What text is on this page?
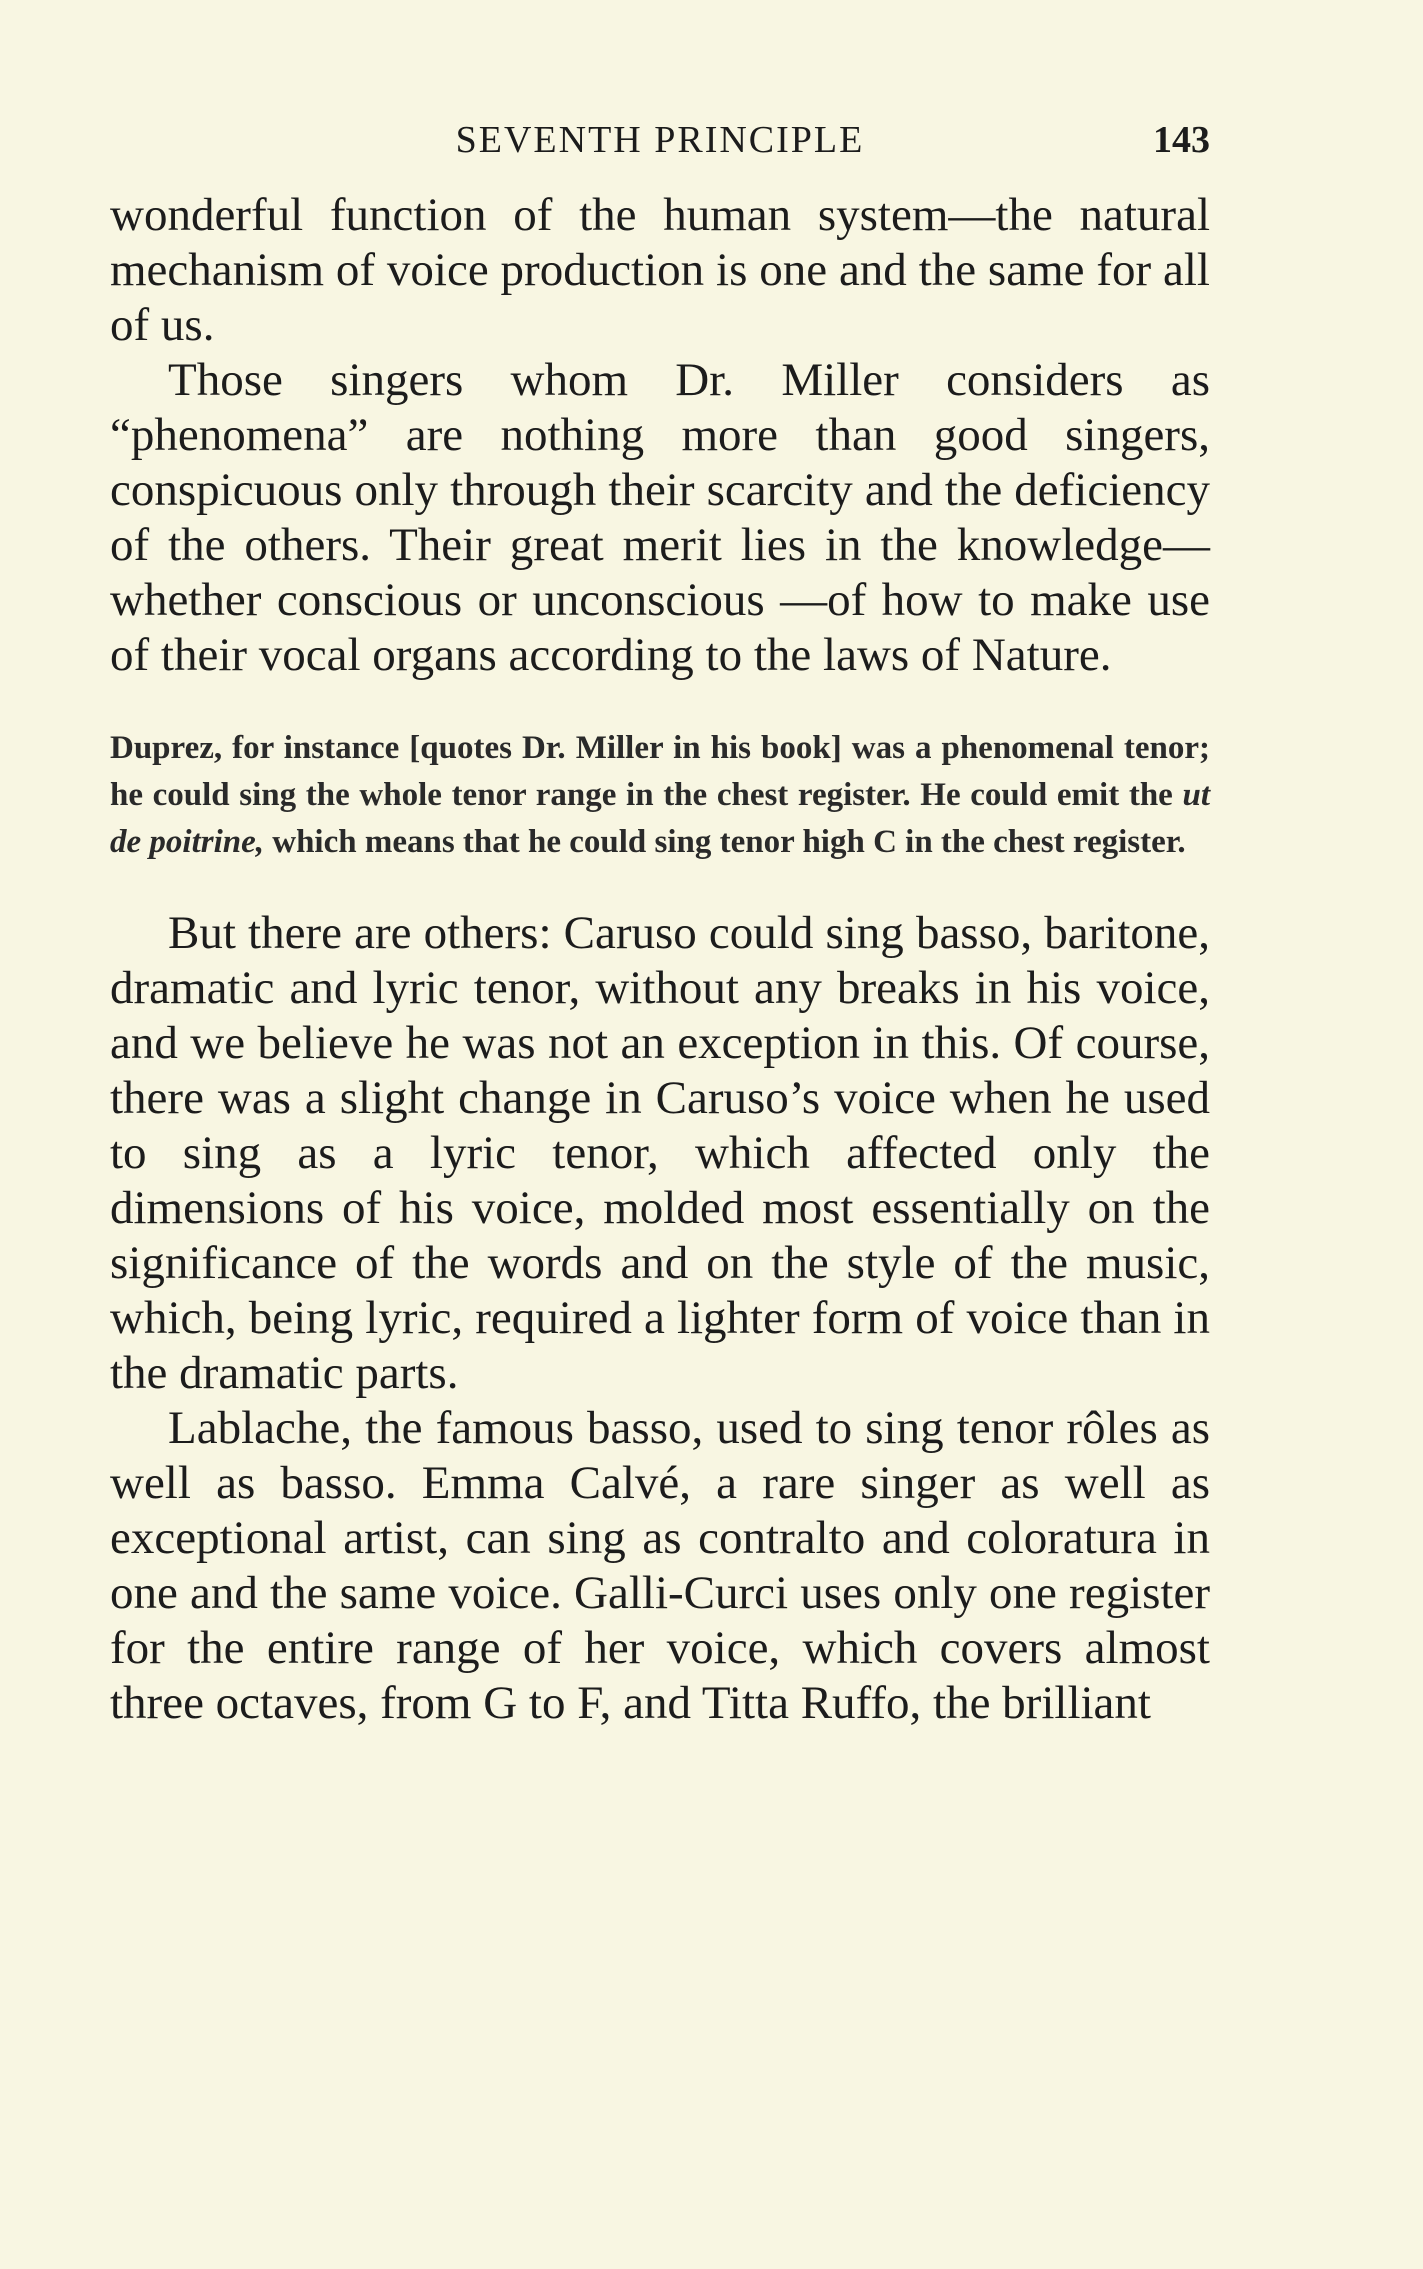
SEVENTH PRINCIPLE	143

wonderful function of the human system—the natural mechanism of voice production is one and the same for all of us.

Those singers whom Dr. Miller considers as “phenomena” are nothing more than good singers, conspicuous only through their scarcity and the deficiency of the others. Their great merit lies in the knowledge—whether conscious or unconscious —of how to make use of their vocal organs according to the laws of Nature.

Duprez, for instance [quotes Dr. Miller in his book] was a phenomenal tenor; he could sing the whole tenor range in the chest register. He could emit the ut de poitrine, which means that he could sing tenor high C in the chest register.

But there are others: Caruso could sing basso, baritone, dramatic and lyric tenor, without any breaks in his voice, and we believe he was not an exception in this. Of course, there was a slight change in Caruso’s voice when he used to sing as a lyric tenor, which affected only the dimensions of his voice, molded most essentially on the significance of the words and on the style of the music, which, being lyric, required a lighter form of voice than in the dramatic parts.

Lablache, the famous basso, used to sing tenor rôles as well as basso. Emma Calvé, a rare singer as well as exceptional artist, can sing as contralto and coloratura in one and the same voice. Galli-Curci uses only one register for the entire range of her voice, which covers almost three octaves, from G to F, and Titta Ruffo, the brilliant
